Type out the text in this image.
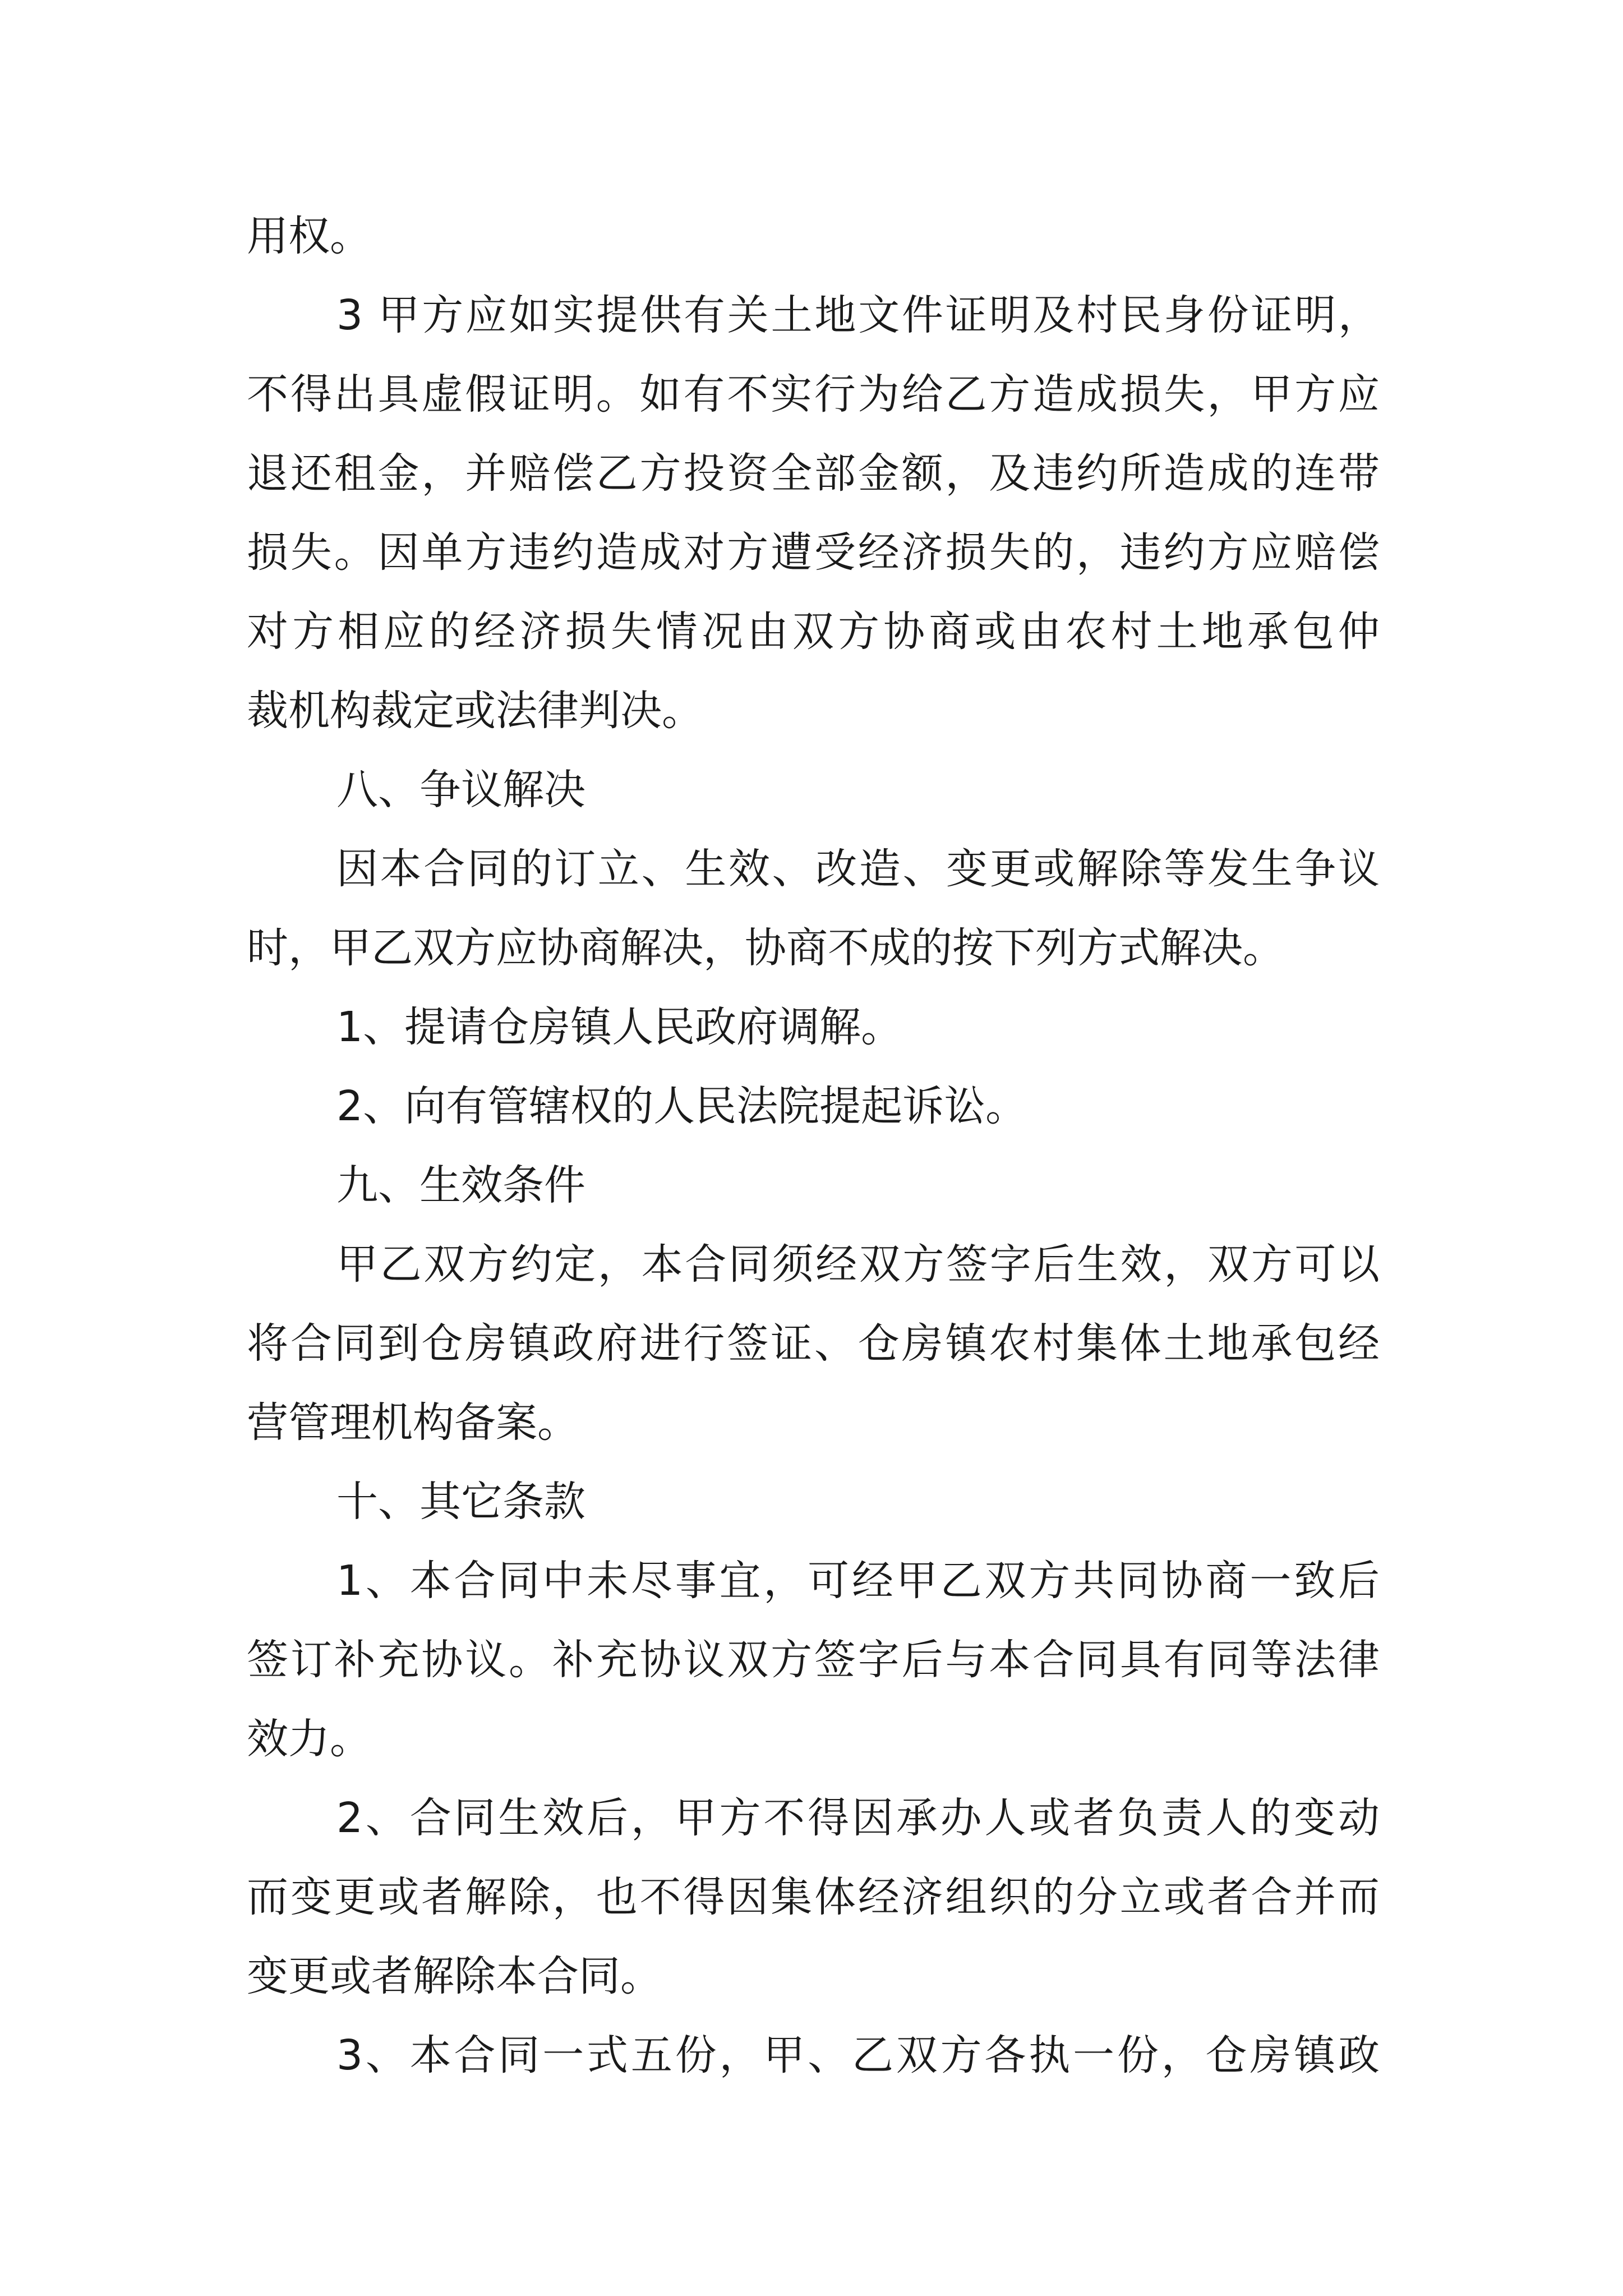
用权。
3 甲方应如实提供有关土地文件证明及村民身份证明，
不得出具虚假证明。如有不实行为给乙方造成损失，甲方应
退还租金，并赔偿乙方投资全部金额，及违约所造成的连带
损失。因单方违约造成对方遭受经济损失的，违约方应赔偿
对方相应的经济损失情况由双方协商或由农村土地承包仲
裁机构裁定或法律判决。
八、争议解决
因本合同的订立、生效、改造、变更或解除等发生争议
时，甲乙双方应协商解决，协商不成的按下列方式解决。
1、提请仓房镇人民政府调解。
2、向有管辖权的人民法院提起诉讼。
九、生效条件
甲乙双方约定，本合同须经双方签字后生效，双方可以
将合同到仓房镇政府进行签证、仓房镇农村集体土地承包经
营管理机构备案。
十、其它条款
1、本合同中未尽事宜，可经甲乙双方共同协商一致后
签订补充协议。补充协议双方签字后与本合同具有同等法律
效力。
2、合同生效后，甲方不得因承办人或者负责人的变动
而变更或者解除，也不得因集体经济组织的分立或者合并而
变更或者解除本合同。
3、本合同一式五份，甲、乙双方各执一份，仓房镇政
